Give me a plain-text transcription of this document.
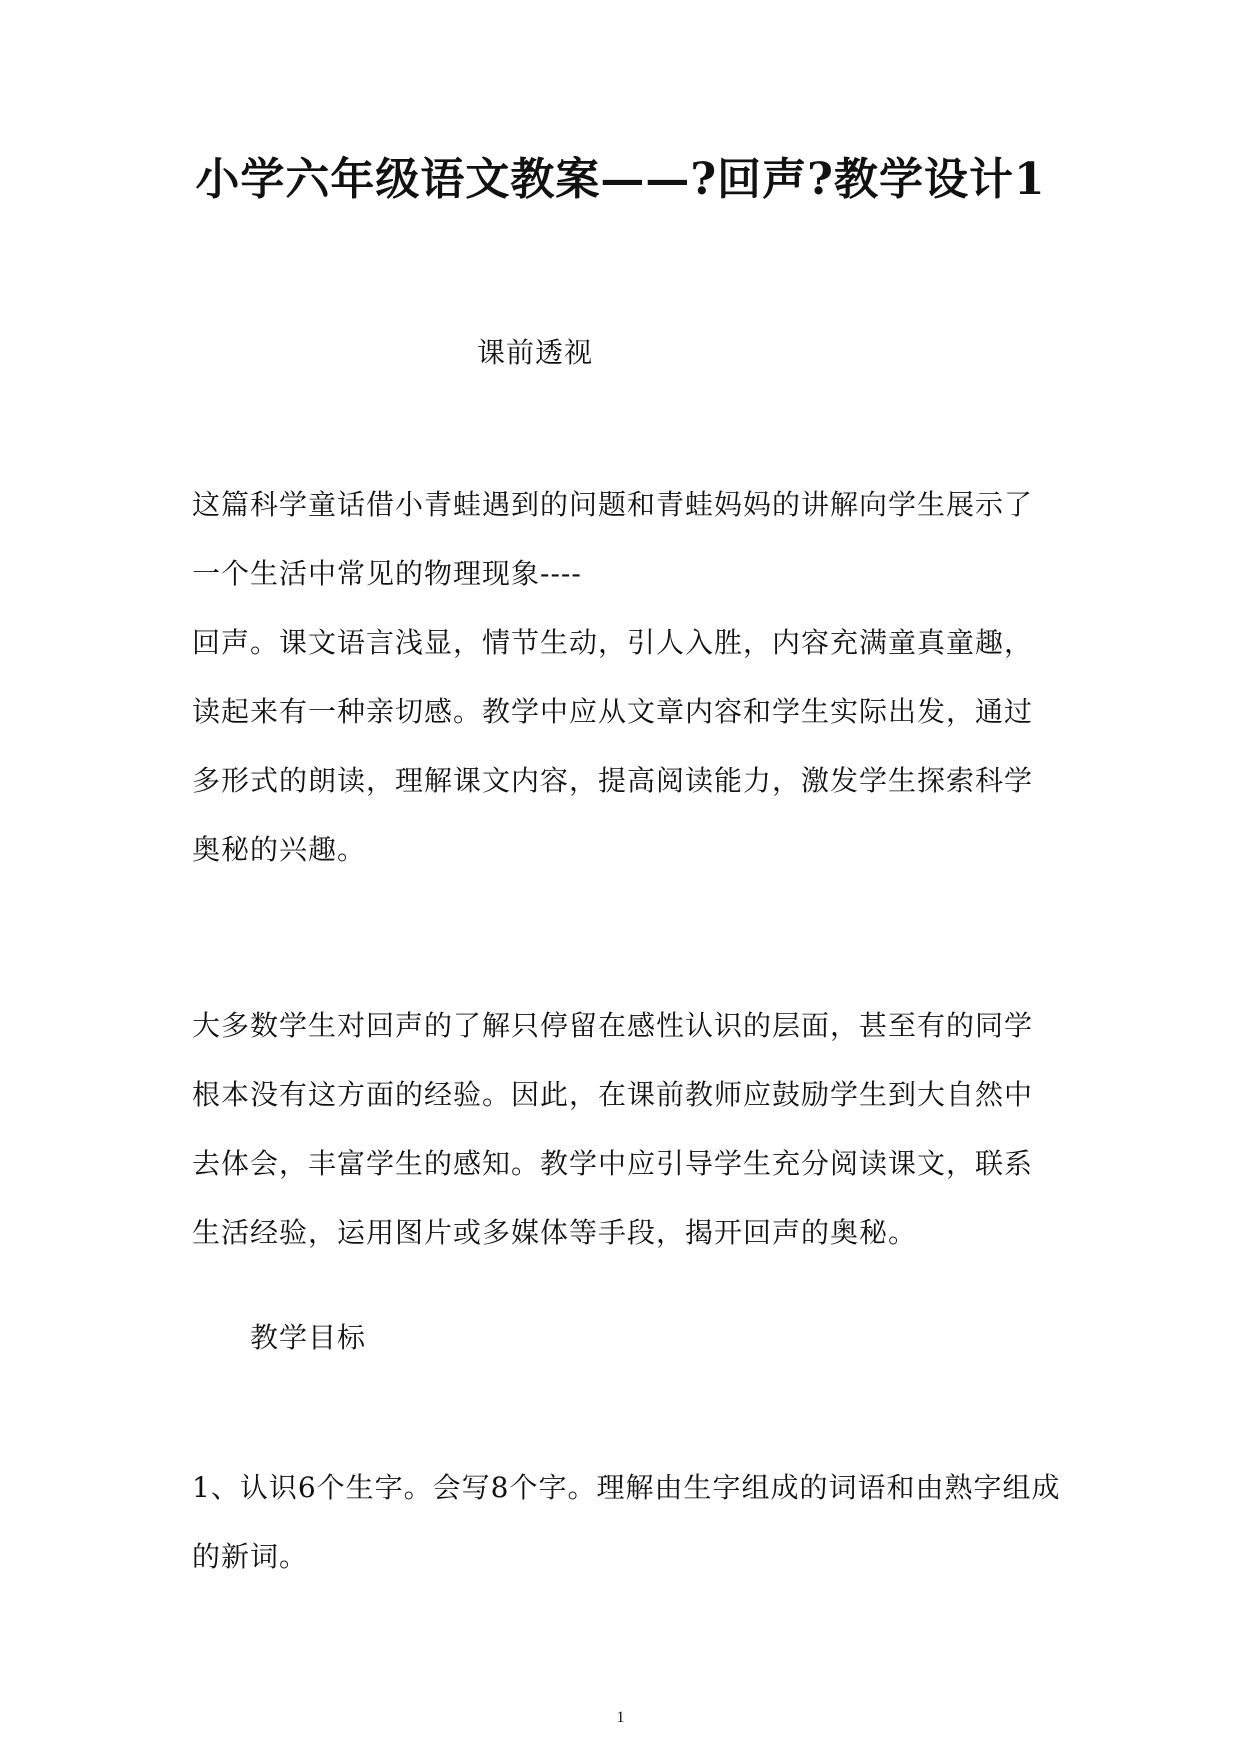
小学六年级语文教案——?回声?教学设计1
课前透视
这篇科学童话借小青蛙遇到的问题和青蛙妈妈的讲解向学生展示了
一个生活中常见的物理现象----
回声。课文语言浅显，情节生动，引人入胜，内容充满童真童趣，
读起来有一种亲切感。教学中应从文章内容和学生实际出发，通过
多形式的朗读，理解课文内容，提高阅读能力，激发学生探索科学
奥秘的兴趣。
大多数学生对回声的了解只停留在感性认识的层面，甚至有的同学
根本没有这方面的经验。因此，在课前教师应鼓励学生到大自然中
去体会，丰富学生的感知。教学中应引导学生充分阅读课文，联系
生活经验，运用图片或多媒体等手段，揭开回声的奥秘。
教学目标
1、认识6个生字。会写8个字。理解由生字组成的词语和由熟字组成
的新词。
1
